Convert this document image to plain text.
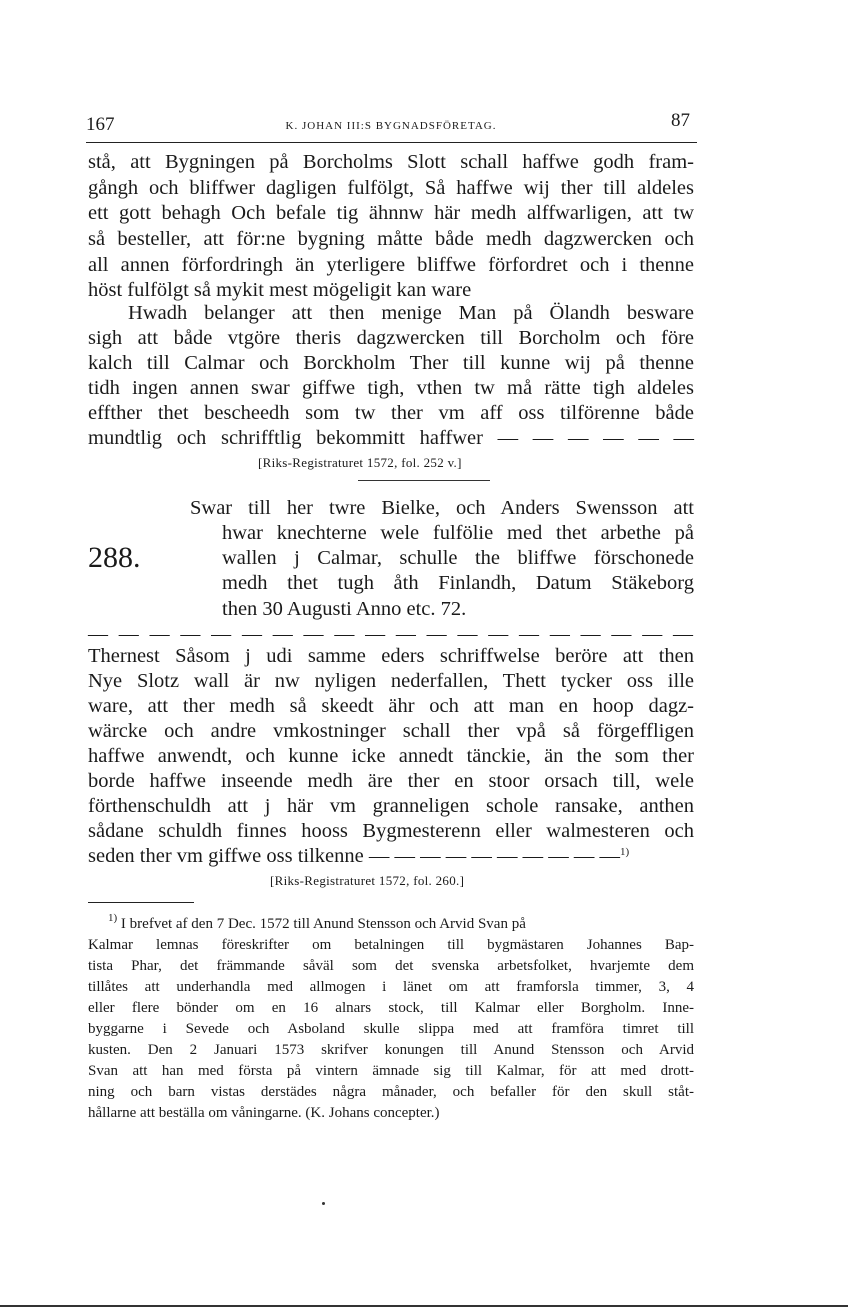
167	K. JOHAN III:S BYGNADSFÖRETAG.	87
stå, att Bygningen på Borcholms Slott schall haffwe godh fram-
gångh och bliffwer dagligen fulfölgt, Så haffwe wij ther till aldeles
ett gott behagh Och befale tig ähnnw här medh alffwarligen, att tw
så besteller, att för:ne bygning måtte både medh dagzwercken och
all annen förfordringh än yterligere bliffwe förfordret och i thenne
höst fulfölgt så mykit mest mögeligit kan ware
Hwadh belanger att then menige Man på Ölandh besware
sigh att både vtgöre theris dagzwercken till Borcholm och före
kalch till Calmar och Borckholm Ther till kunne wij på thenne
tidh ingen annen swar giffwe tigh, vthen tw må rätte tigh aldeles
effther thet bescheedh som tw ther vm aff oss tilförenne både
mundtlig och schrifftlig bekommitt haffwer — — — — — —
[Riks-Registraturet 1572, fol. 252 v.]
288.
Swar till her twre Bielke, och Anders Swensson att
hwar knechterne wele fulfölie med thet arbethe på
wallen j Calmar, schulle the bliffwe förschonede
medh thet tugh åth Finlandh, Datum Stäkeborg
then 30 Augusti Anno etc. 72.
— — — — — — — — — — — — — — — — — — — —
Thernest Såsom j udi samme eders schriffwelse beröre att then
Nye Slotz wall är nw nyligen nederfallen, Thett tycker oss ille
ware, att ther medh så skeedt ähr och att man en hoop dagz-
wärcke och andre vmkostninger schall ther vpå så förgeffligen
haffwe anwendt, och kunne icke annedt tänckie, än the som ther
borde haffwe inseende medh äre ther en stoor orsach till, wele
förthenschuldh att j här vm granneligen schole ransake, anthen
sådane schuldh finnes hooss Bygmesterenn eller walmesteren och
seden ther vm giffwe oss tilkenne — — — — — — — — — —$^{1)}$
[Riks-Registraturet 1572, fol. 260.]
$^{1)}$ I brefvet af den 7 Dec. 1572 till Anund Stensson och Arvid Svan på
Kalmar lemnas föreskrifter om betalningen till bygmästaren Johannes Bap-
tista Phar, det främmande såväl som det svenska arbetsfolket, hvarjemte dem
tillåtes att underhandla med allmogen i länet om att framforsla timmer, 3, 4
eller flere bönder om en 16 alnars stock, till Kalmar eller Borgholm. Inne-
byggarne i Sevede och Asboland skulle slippa med att framföra timret till
kusten. Den 2 Januari 1573 skrifver konungen till Anund Stensson och Arvid
Svan att han med första på vintern ämnade sig till Kalmar, för att med drott-
ning och barn vistas derstädes några månader, och befaller för den skull ståt-
hållarne att beställa om våningarne. (K. Johans concepter.)
